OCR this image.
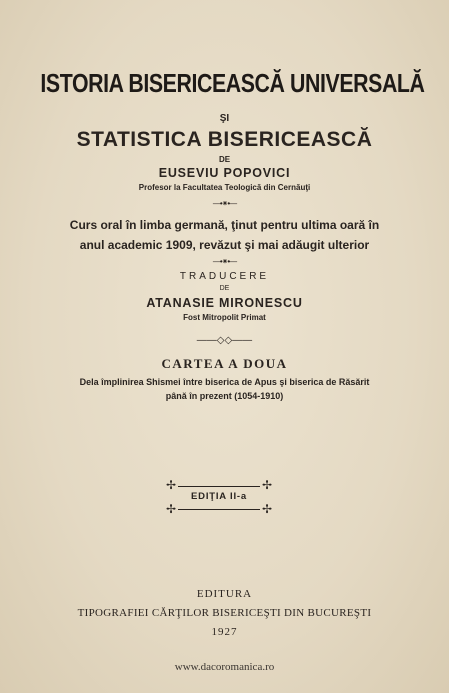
ISTORIA BISERICEASCĂ UNIVERSALĂ
ŞI
STATISTICA BISERICEASCĂ
DE
EUSEVIU POPOVICI
Profesor la Facultatea Teologică din Cernăuţi
—•⁕•—
Curs oral în limba germană, ţinut pentru ultima oară în
anul academic 1909, revăzut şi mai adăugit ulterior
—•⁕•—
TRADUCERE
DE
ATANASIE MIRONESCU
Fost Mitropolit Primat
——◇◇——
CARTEA A DOUA
Dela împlinirea Shismei între biserica de Apus şi biserica de Răsărit
până în prezent (1054-1910)
✢	✢
✢	✢
EDIŢIA II-a
EDITURA
TIPOGRAFIEI CĂRŢILOR BISERICEŞTI DIN BUCUREŞTI
1927
www.dacoromanica.ro
